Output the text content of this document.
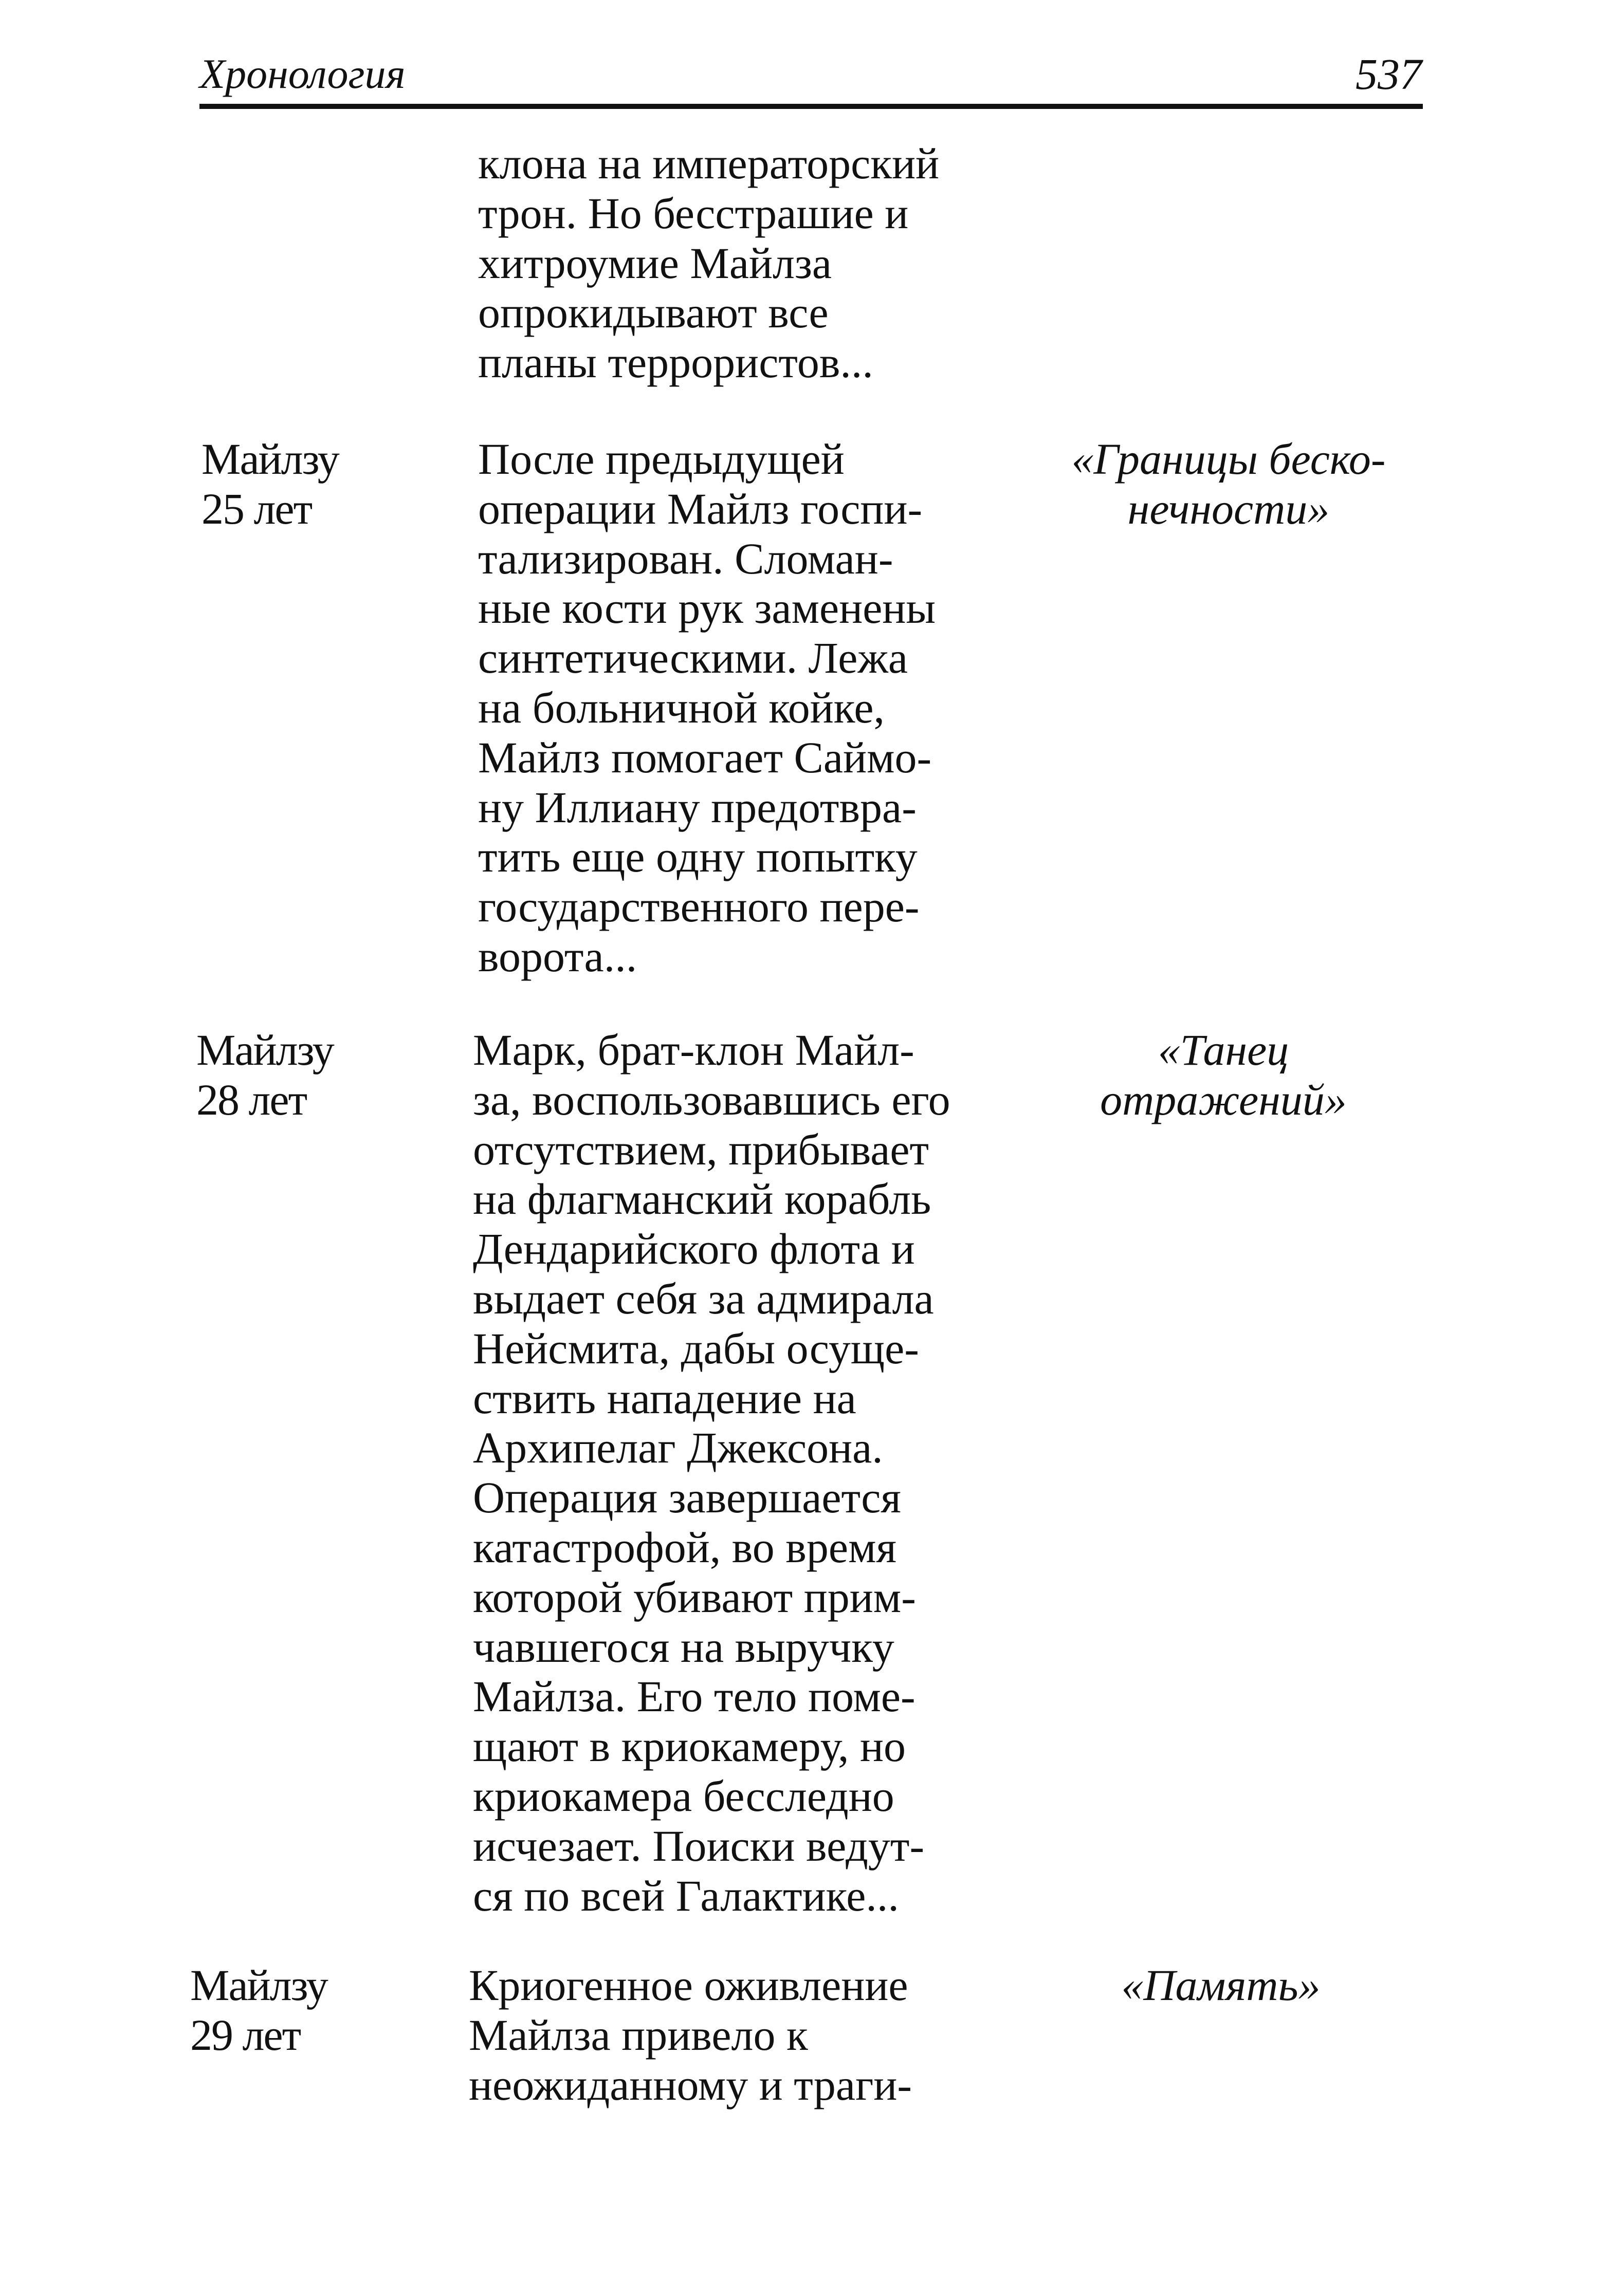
Хронология	537
клона на императорский
трон. Но бесстрашие и
хитроумие Майлза
опрокидывают все
планы террористов...
Майлзу
25 лет
После предыдущей
операции Майлз госпи-
тализирован. Сломан-
ные кости рук заменены
синтетическими. Лежа
на больничной койке,
Майлз помогает Саймо-
ну Иллиану предотвра-
тить еще одну попытку
государственного пере-
ворота...
«Границы беско-
нечности»
Майлзу
28 лет
Марк, брат-клон Майл-
за, воспользовавшись его
отсутствием, прибывает
на флагманский корабль
Дендарийского флота и
выдает себя за адмирала
Нейсмита, дабы осуще-
ствить нападение на
Архипелаг Джексона.
Операция завершается
катастрофой, во время
которой убивают прим-
чавшегося на выручку
Майлза. Его тело поме-
щают в криокамеру, но
криокамера бесследно
исчезает. Поиски ведут-
ся по всей Галактике...
«Танец
отражений»
Майлзу
29 лет
Криогенное оживление
Майлза привело к
неожиданному и траги-
«Память»
